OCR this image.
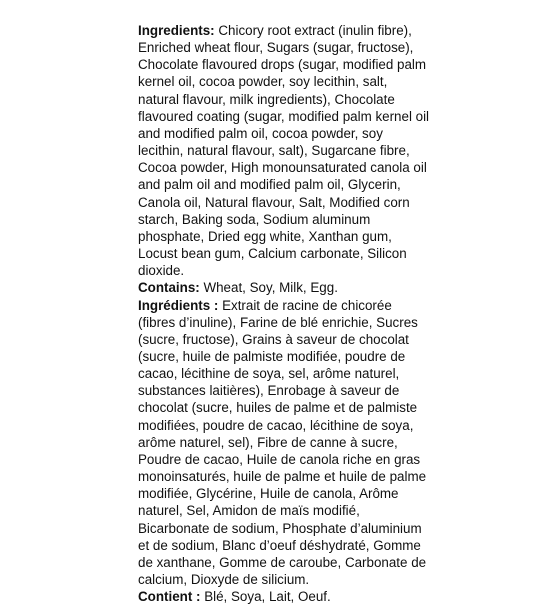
Ingredients: Chicory root extract (inulin fibre), Enriched wheat flour, Sugars (sugar, fructose), Chocolate flavoured drops (sugar, modified palm kernel oil, cocoa powder, soy lecithin, salt, natural flavour, milk ingredients), Chocolate flavoured coating (sugar, modified palm kernel oil and modified palm oil, cocoa powder, soy lecithin, natural flavour, salt), Sugarcane fibre, Cocoa powder, High monounsaturated canola oil and palm oil and modified palm oil, Glycerin, Canola oil, Natural flavour, Salt, Modified corn starch, Baking soda, Sodium aluminum phosphate, Dried egg white, Xanthan gum, Locust bean gum, Calcium carbonate, Silicon dioxide.

Contains: Wheat, Soy, Milk, Egg.

Ingrédients : Extrait de racine de chicorée (fibres d’inuline), Farine de blé enrichie, Sucres (sucre, fructose), Grains à saveur de chocolat (sucre, huile de palmiste modifiée, poudre de cacao, lécithine de soya, sel, arôme naturel, substances laitières), Enrobage à saveur de chocolat (sucre, huiles de palme et de palmiste modifiées, poudre de cacao, lécithine de soya, arôme naturel, sel), Fibre de canne à sucre, Poudre de cacao, Huile de canola riche en gras monoinsaturés, huile de palme et huile de palme modifiée, Glycérine, Huile de canola, Arôme naturel, Sel, Amidon de maïs modifié, Bicarbonate de sodium, Phosphate d’aluminium et de sodium, Blanc d’oeuf déshydraté, Gomme de xanthane, Gomme de caroube, Carbonate de calcium, Dioxyde de silicium.

Contient : Blé, Soya, Lait, Oeuf.
